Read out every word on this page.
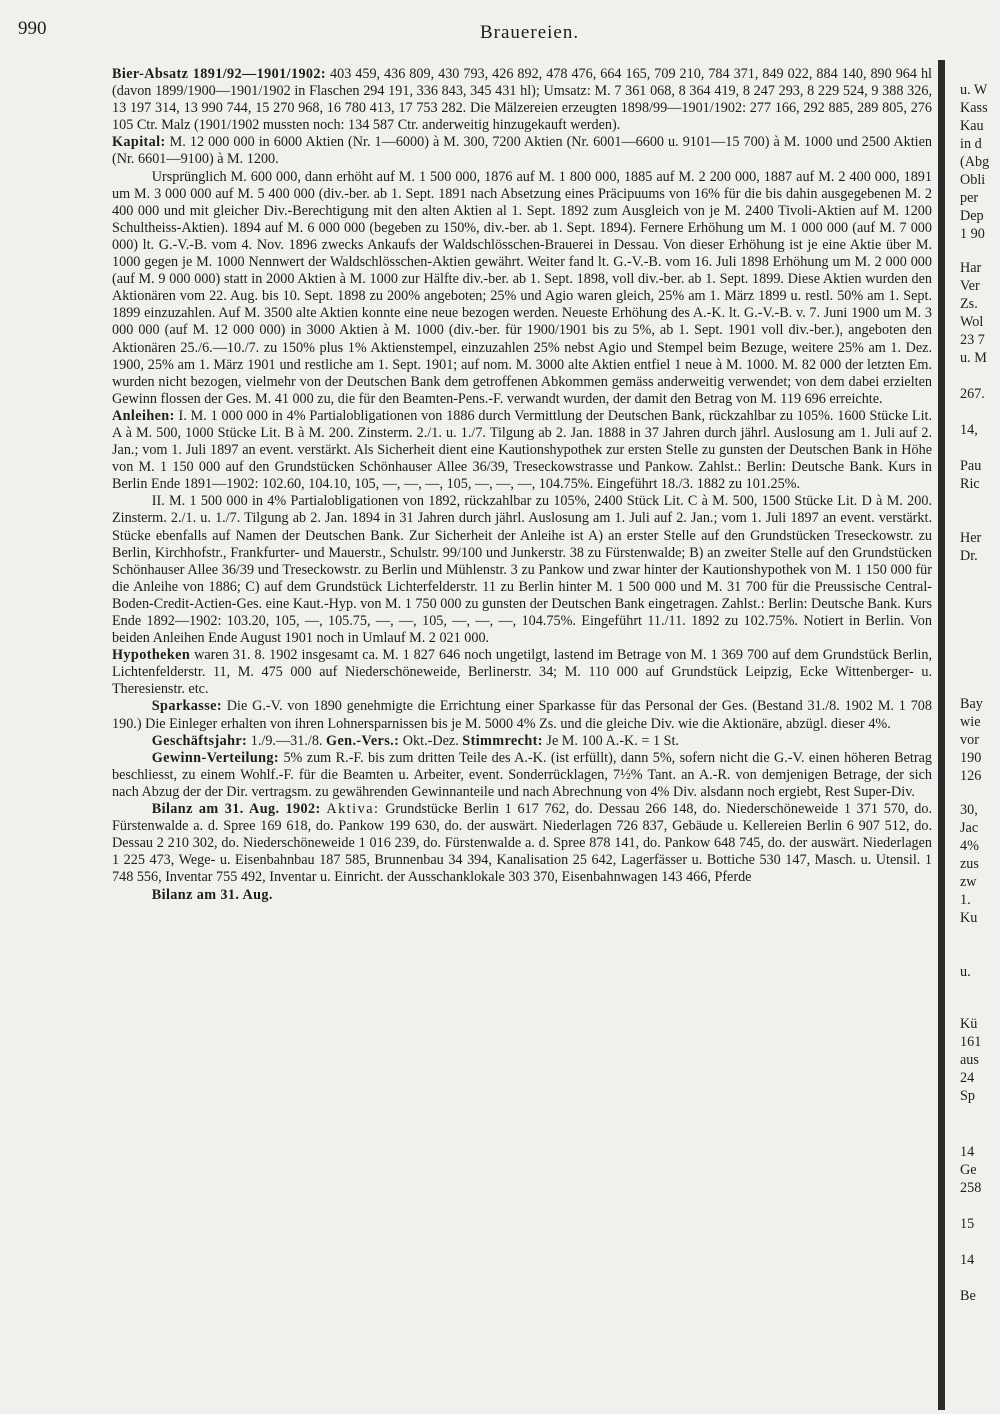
990	Brauereien.

Bier-Absatz 1891/92—1901/1902: 403 459, 436 809, 430 793, 426 892, 478 476, 664 165, 709 210, 784 371, 849 022, 884 140, 890 964 hl (davon 1899/1900—1901/1902 in Flaschen 294 191, 336 843, 345 431 hl); Umsatz: M. 7 361 068, 8 364 419, 8 247 293, 8 229 524, 9 388 326, 13 197 314, 13 990 744, 15 270 968, 16 780 413, 17 753 282. Die Mälzereien erzeugten 1898/99—1901/1902: 277 166, 292 885, 289 805, 276 105 Ctr. Malz (1901/1902 mussten noch: 134 587 Ctr. anderweitig hinzugekauft werden).

Kapital: M. 12 000 000 in 6000 Aktien (Nr. 1—6000) à M. 300, 7200 Aktien (Nr. 6001—6600 u. 9101—15 700) à M. 1000 und 2500 Aktien (Nr. 6601—9100) à M. 1200.

Ursprünglich M. 600 000, dann erhöht auf M. 1 500 000, 1876 auf M. 1 800 000, 1885 auf M. 2 200 000, 1887 auf M. 2 400 000, 1891 um M. 3 000 000 auf M. 5 400 000 (div.-ber. ab 1. Sept. 1891 nach Absetzung eines Präcipuums von 16% für die bis dahin ausgegebenen M. 2 400 000 und mit gleicher Div.-Berechtigung mit den alten Aktien al 1. Sept. 1892 zum Ausgleich von je M. 2400 Tivoli-Aktien auf M. 1200 Schultheiss-Aktien). 1894 auf M. 6 000 000 (begeben zu 150%, div.-ber. ab 1. Sept. 1894). Fernere Erhöhung um M. 1 000 000 (auf M. 7 000 000) lt. G.-V.-B. vom 4. Nov. 1896 zwecks Ankaufs der Waldschlösschen-Brauerei in Dessau. Von dieser Erhöhung ist je eine Aktie über M. 1000 gegen je M. 1000 Nennwert der Waldschlösschen-Aktien gewährt. Weiter fand lt. G.-V.-B. vom 16. Juli 1898 Erhöhung um M. 2 000 000 (auf M. 9 000 000) statt in 2000 Aktien à M. 1000 zur Hälfte div.-ber. ab 1. Sept. 1898, voll div.-ber. ab 1. Sept. 1899. Diese Aktien wurden den Aktionären vom 22. Aug. bis 10. Sept. 1898 zu 200% angeboten; 25% und Agio waren gleich, 25% am 1. März 1899 u. restl. 50% am 1. Sept. 1899 einzuzahlen. Auf M. 3500 alte Aktien konnte eine neue bezogen werden. Neueste Erhöhung des A.-K. lt. G.-V.-B. v. 7. Juni 1900 um M. 3 000 000 (auf M. 12 000 000) in 3000 Aktien à M. 1000 (div.-ber. für 1900/1901 bis zu 5%, ab 1. Sept. 1901 voll div.-ber.), angeboten den Aktionären 25./6.—10./7. zu 150% plus 1% Aktienstempel, einzuzahlen 25% nebst Agio und Stempel beim Bezuge, weitere 25% am 1. Dez. 1900, 25% am 1. März 1901 und restliche am 1. Sept. 1901; auf nom. M. 3000 alte Aktien entfiel 1 neue à M. 1000. M. 82 000 der letzten Em. wurden nicht bezogen, vielmehr von der Deutschen Bank dem getroffenen Abkommen gemäss anderweitig verwendet; von dem dabei erzielten Gewinn flossen der Ges. M. 41 000 zu, die für den Beamten-Pens.-F. verwandt wurden, der damit den Betrag von M. 119 696 erreichte.

Anleihen: I. M. 1 000 000 in 4% Partialobligationen von 1886 durch Vermittlung der Deutschen Bank, rückzahlbar zu 105%. 1600 Stücke Lit. A à M. 500, 1000 Stücke Lit. B à M. 200. Zinsterm. 2./1. u. 1./7. Tilgung ab 2. Jan. 1888 in 37 Jahren durch jährl. Auslosung am 1. Juli auf 2. Jan.; vom 1. Juli 1897 an event. verstärkt. Als Sicherheit dient eine Kautionshypothek zur ersten Stelle zu gunsten der Deutschen Bank in Höhe von M. 1 150 000 auf den Grundstücken Schönhauser Allee 36/39, Treseckowstrasse und Pankow. Zahlst.: Berlin: Deutsche Bank. Kurs in Berlin Ende 1891—1902: 102.60, 104.10, 105, —, —, —, 105, —, —, —, 104.75%. Eingeführt 18./3. 1882 zu 101.25%.

II. M. 1 500 000 in 4% Partialobligationen von 1892, rückzahlbar zu 105%, 2400 Stück Lit. C à M. 500, 1500 Stücke Lit. D à M. 200. Zinsterm. 2./1. u. 1./7. Tilgung ab 2. Jan. 1894 in 31 Jahren durch jährl. Auslosung am 1. Juli auf 2. Jan.; vom 1. Juli 1897 an event. verstärkt. Stücke ebenfalls auf Namen der Deutschen Bank. Zur Sicherheit der Anleihe ist A) an erster Stelle auf den Grundstücken Treseckowstr. zu Berlin, Kirchhofstr., Frankfurter- und Mauerstr., Schulstr. 99/100 und Junkerstr. 38 zu Fürstenwalde; B) an zweiter Stelle auf den Grundstücken Schönhauser Allee 36/39 und Treseckowstr. zu Berlin und Mühlenstr. 3 zu Pankow und zwar hinter der Kautionshypothek von M. 1 150 000 für die Anleihe von 1886; C) auf dem Grundstück Lichterfelderstr. 11 zu Berlin hinter M. 1 500 000 und M. 31 700 für die Preussische Central-Boden-Credit-Actien-Ges. eine Kaut.-Hyp. von M. 1 750 000 zu gunsten der Deutschen Bank eingetragen. Zahlst.: Berlin: Deutsche Bank. Kurs Ende 1892—1902: 103.20, 105, —, 105.75, —, —, 105, —, —, —, 104.75%. Eingeführt 11./11. 1892 zu 102.75%. Notiert in Berlin. Von beiden Anleihen Ende August 1901 noch in Umlauf M. 2 021 000.

Hypotheken waren 31. 8. 1902 insgesamt ca. M. 1 827 646 noch ungetilgt, lastend im Betrage von M. 1 369 700 auf dem Grundstück Berlin, Lichtenfelderstr. 11, M. 475 000 auf Niederschöneweide, Berlinerstr. 34; M. 110 000 auf Grundstück Leipzig, Ecke Wittenberger- u. Theresienstr. etc.

Sparkasse: Die G.-V. von 1890 genehmigte die Errichtung einer Sparkasse für das Personal der Ges. (Bestand 31./8. 1902 M. 1 708 190.) Die Einleger erhalten von ihren Lohnersparnissen bis je M. 5000 4% Zs. und die gleiche Div. wie die Aktionäre, abzügl. dieser 4%.

Geschäftsjahr: 1./9.—31./8. Gen.-Vers.: Okt.-Dez. Stimmrecht: Je M. 100 A.-K. = 1 St.

Gewinn-Verteilung: 5% zum R.-F. bis zum dritten Teile des A.-K. (ist erfüllt), dann 5%, sofern nicht die G.-V. einen höheren Betrag beschliesst, zu einem Wohlf.-F. für die Beamten u. Arbeiter, event. Sonderrücklagen, 7½% Tant. an A.-R. von demjenigen Betrage, der sich nach Abzug der der Dir. vertragsm. zu gewährenden Gewinnanteile und nach Abrechnung von 4% Div. alsdann noch ergiebt, Rest Super-Div.

Bilanz am 31. Aug. 1902: Aktiva: Grundstücke Berlin 1 617 762, do. Dessau 266 148, do. Niederschöneweide 1 371 570, do. Fürstenwalde a. d. Spree 169 618, do. Pankow 199 630, do. der auswärt. Niederlagen 726 837, Gebäude u. Kellereien Berlin 6 907 512, do. Dessau 2 210 302, do. Niederschöneweide 1 016 239, do. Fürstenwalde a. d. Spree 878 141, do. Pankow 648 745, do. der auswärt. Niederlagen 1 225 473, Wege- u. Eisenbahnbau 187 585, Brunnenbau 34 394, Kanalisation 25 642, Lagerfässer u. Bottiche 530 147, Masch. u. Utensil. 1 748 556, Inventar 755 492, Inventar u. Einricht. der Ausschanklokale 303 370, Eisenbahnwagen 143 466, Pferde

Bilanz am 31. Aug.

u. W
Kass
Kau
in d
(Abg
Obli
per
Dep
1 90
Har
Ver
Zs.
Wol
23 7
u. M
267.
14,
Pau
Ric
Her
Dr.
Bay
wie
vor
190
126
30,
Jac
4%
zus
zw
1.
Ku
u.
Kü
161
aus
24
Sp
14
Ge
258
15
14
Be
